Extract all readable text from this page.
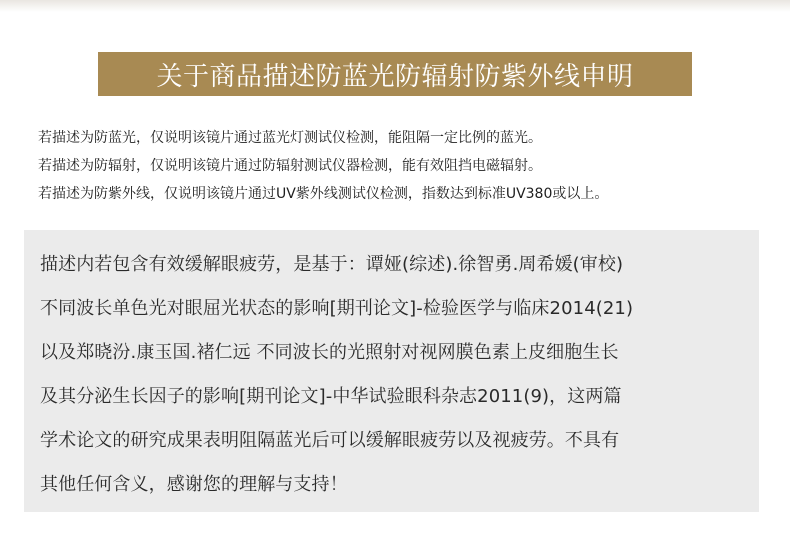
关于商品描述防蓝光防辐射防紫外线申明
若描述为防蓝光，仅说明该镜片通过蓝光灯测试仪检测，能阻隔一定比例的蓝光。
若描述为防辐射，仅说明该镜片通过防辐射测试仪器检测，能有效阻挡电磁辐射。
若描述为防紫外线，仅说明该镜片通过UV紫外线测试仪检测，指数达到标准UV380或以上。
描述内若包含有效缓解眼疲劳，是基于：谭娅(综述).徐智勇.周希媛(审校)
不同波长单色光对眼屈光状态的影响[期刊论文]-检验医学与临床2014(21)
以及郑晓汾.康玉国.褚仁远 不同波长的光照射对视网膜色素上皮细胞生长
及其分泌生长因子的影响[期刊论文]-中华试验眼科杂志2011(9)，这两篇
学术论文的研究成果表明阻隔蓝光后可以缓解眼疲劳以及视疲劳。不具有
其他任何含义，感谢您的理解与支持！
